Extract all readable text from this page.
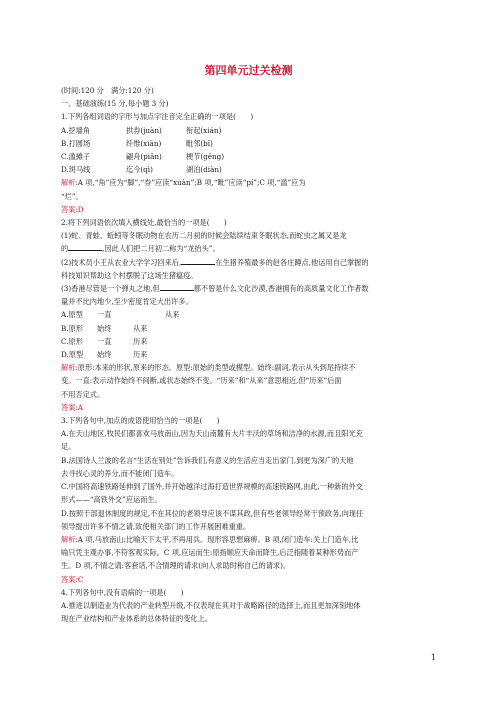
第四单元过关检测
(时间:120 分　满分:120 分)
一、基础演练(15 分,每小题 3 分)
1.下列各组词语的字形与加点字注音完全正确的一项是(　　)
A.挖墙角	拱券(juàn)	衔起(xián)
B.打圆场	纤维(xiān)	毗邻(bǐ)
C.滥摊子	翩舟(piān)	梗节(gěng)
D.斑马线	迄今(qì)	湖泊(diàn)
解析:A 项,“角”应为“脚”,“券”应读“xuàn”;B 项,“毗”应读“pí”;C 项,“滥”应为
“烂”。
答案:D
2.将下列词语依次填入横线处,最恰当的一项是(　　)
(1)蛇、青蛙、蚯蚓等冬眠动物在农历二月初的时候会陆续结束冬眠状态,而蛇虫之属又是龙
的	,因此人们把二月初二称为“龙抬头”。
(2)技术员小王从农业大学学习回来后,	在生猪养殖最多的赵各庄蹲点,他运用自己掌握的
科技知识帮助这个村摆脱了这场生猪瘟疫。
(3)香港尽管是一个弹丸之地,但	都不曾是什么文化沙漠,香港拥有的高质量文化工作者数
量并不比内地少,至少密度肯定大出许多。
A.原型 一直	从来
B.原形 始终	从来
C.原形 一直	历来
D.原型 始终	历来
解析:原形:本来的形状,原来的形态。原型:原始的类型或模型。始终:副词,表示从头到尾持续不
变。一直:表示动作始终不间断,或状态始终不变。“历来”和“从来”意思相近,但“历来”后面
不用否定式。
答案:A
3.下列各句中,加点的成语使用恰当的一项是(　　)
A.在天山地区,牧民们都喜欢马放南山,因为天山南麓有大片丰沃的草场和洁净的水源,而且阳光充
足。
B.法国诗人兰波的名言“生活在别处”告诉我们,有意义的生活应当走出家门,到更为深广的天地
去寻找心灵的养分,而不能闭门造车。
C.中国将高速铁路延伸到了国外,并开始越洋过海打造世界规模的高速铁路网,由此,一种新的外交
形式——“高铁外交”应运而生。
D.按照干部退休制度的规定,不在其位的老领导应该不谋其政,但有些老领导经常干预政务,向现任
领导提出许多不情之请,致使相关部门的工作开展困难重重。
解析:A 项,马放南山:比喻天下太平,不再用兵。现形容思想麻痹。B 项,闭门造车:关上门造车,比
喻只凭主观办事,不符客观实际。C 项,应运而生:原指顺应天命而降生,后泛指随着某种形势而产
生。D 项,不情之请:客套话,不合情理的请求(向人求助时称自己的请求)。
答案:C
4.下列各句中,没有语病的一项是(　　)
A.推进以制造业为代表的产业转型升级,不仅表现在其对于战略路径的选择上,而且更加深刻地体
现在产业结构和产业体系的总体特征的变化上。
1
